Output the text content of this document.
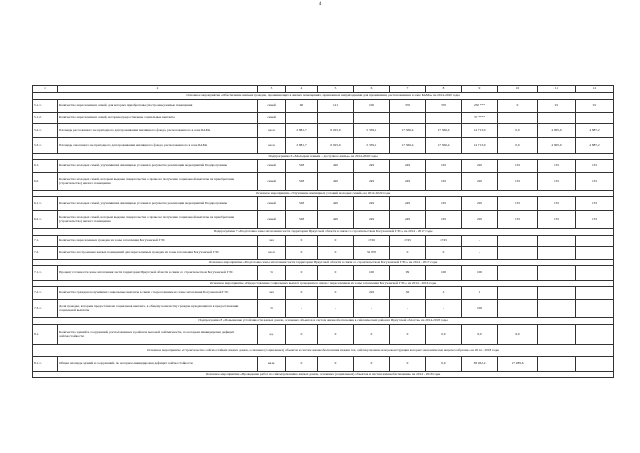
4
1	2	3	4	5	6	7	8	9	10	11	12
Основное мероприятие «Обеспечение жильем граждан, проживающих в жилых помещениях, признанных непригодными для проживания, расположенных в зоне БАМа» на 2014-2020 годы											
5.1.1.	Количество переселенных семей, для которых приобретены (построены) жилые помещения	семей	60	121	100	370	370	250 ***	0	91	91
5.1.2.	Количество переселенных семей, которым предоставлены социальные выплаты	семей						37 ****			
5.2.1.	Площадь расселенного не пригодного для проживания жилищного фонда, расположенного в зоне БАМа	кв м	2 881,7	6 025,0	5 339,1	17 366,4	17 366,4	14 713,9	0,0	4 905,0	4 887,2
5.3.1.	Площадь снесенного не пригодного для проживания жилищного фонда, расположенного в зоне БАМа	кв м	2 881,7	6 025,0	5 339,1	17 366,4	17 366,4	14 713,9	0,0	4 905,0	4 887,2
Подпрограмма 6 «Молодым семьям – доступное жилье» на 2014-2020 годы											
6.1.	Количество молодых семей, улучшивших жилищные условия в результате реализации мероприятий Подпрограммы	семей	528	420	249	249	165	220	135	135	135
6.2.	Количество молодых семей, которым выданы свидетельства о праве на получение социальной выплаты на приобретение (строительство) жилого помещения	семей	528	420	249	249	165	220	135	135	135
Основное мероприятие «Улучшение жилищных условий молодых семей» на 2014-2020 годы											
6.1.1.	Количество молодых семей, улучшивших жилищные условия в результате реализации мероприятий Подпрограммы	семей	528	420	249	249	165	220	135	135	135
6.2.1.	Количество молодых семей, которым выданы свидетельства о праве на получение социальной выплаты на приобретение (строительство) жилого помещения	семей	528	420	249	249	165	220	135	135	135
Подпрограмма 7 «Подготовка зоны затопления части территории Иркутской области в связи со строительством Богучанской ГЭС» на 2014 - 2017 годы											
7.1.	Количество переселенных граждан из зоны затопления Богучанской ГЭС	чел	0	0	1726	1745	1745	-			
7.2.	Количество построенных жилых помещений для переселяемых граждан из зоны затопления Богучанской ГЭС	кв м	0	0	32 970	0	0	-			
Основное мероприятие «Подготовка зоны затопления части территории Иркутской области в связи со строительством Богучанской ГЭС» на 2014 - 2017 годы											
7.1.1.	Процент готовности зоны затопления части территории Иркутской области в связи со строительством Богучанской ГЭС	%	0	0	100	99	100	100			
Основное мероприятие «Предоставление социальных выплат гражданам в связи с переселением из зоны затопления Богучанской ГЭС» на 2014 - 2016 годы											
7.2.1.	Количество граждан получивших социальные выплаты в связи с переселением из зоны затопления Богучанской ГЭС	чел	0	0	226	36	3	1			
7.3.1.	Доля граждан, которым предоставлена социальная выплата, в общему количеству граждан нуждающихся в предоставлении социальной выплаты	%	-	-	-	-	-	100			
Подпрограмма 8 «Повышение устойчивости жилых домов, основных объектов и систем жизнеобеспечения в сейсмических районах Иркутской области» на 2014-2018 годы											
8.1.	Количество зданий и сооружений, расположенных в районах высокой сейсмичности, по которым ликвидирован дефицит сейсмостойкости	ед.	0	0	0	0	0,0	6,0	6,0		
Основное мероприятие «Строительство сейсмостойких жилых домов, основных (социальных) объектов и систем жизнеобеспечения взамен тех, сейсмоусиление или реконструкция которых экономически нецелесообразна» на 2014 - 2018 годы											
8.1.1.	Общая площадь зданий и сооружений, по которым ликвидирован дефицит сейсмостойкости	кв.м.	0	0	0	0	0,0	38 262,2	17 289,6		
Основное мероприятие «Проведение работ по сейсмоусилению жилых домов, основных (социальных) объектов и систем жизнеобеспечения» на 2014 - 2018 годы											
